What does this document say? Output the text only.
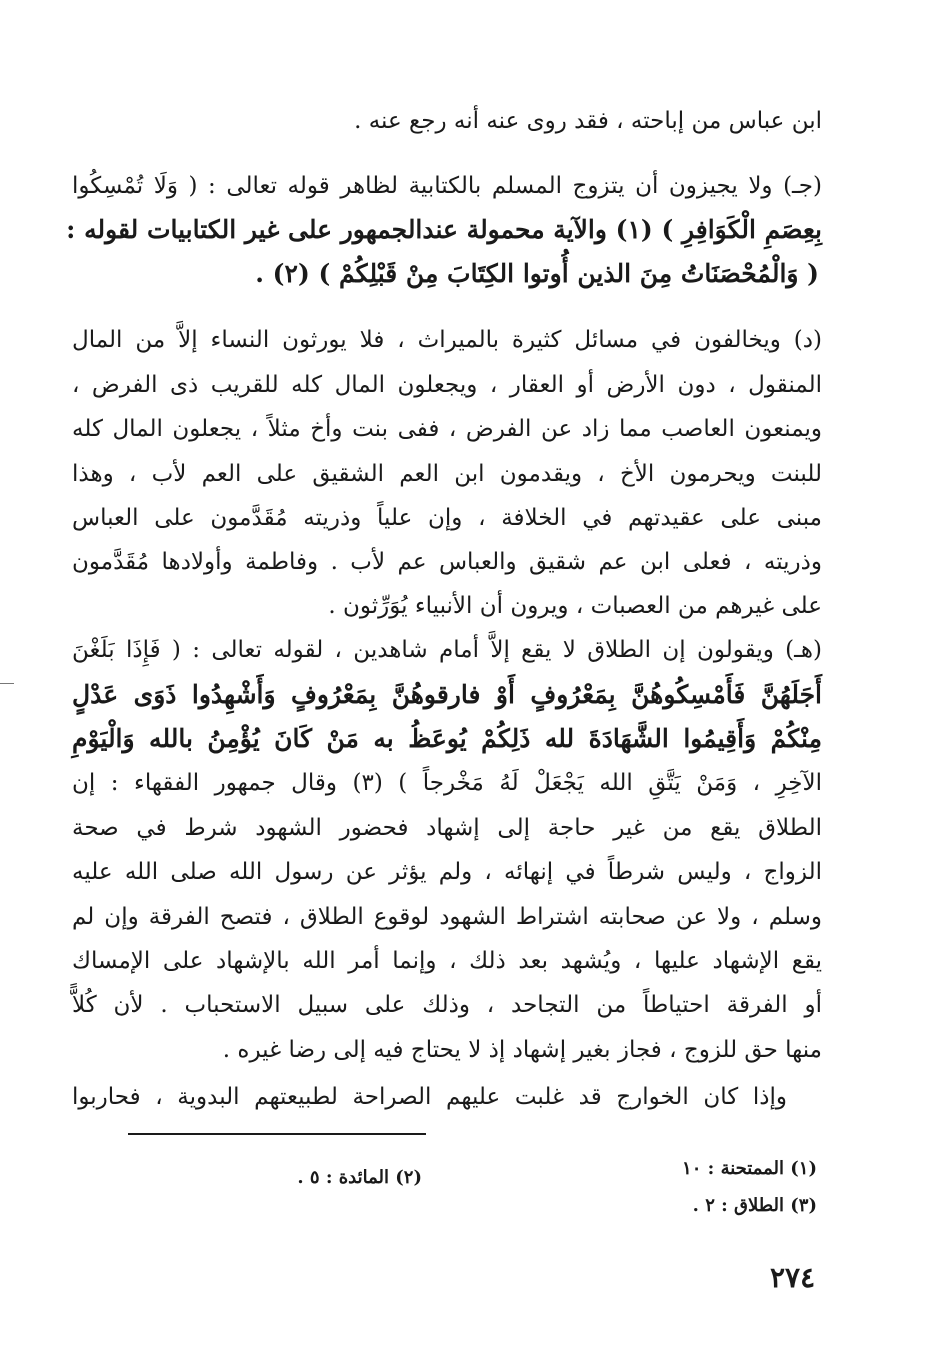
ابن عباس من إباحته ، فقد روى عنه أنه رجع عنه .

(جـ) ولا يجيزون أن يتزوج المسلم بالكتابية لظاهر قوله تعالى : ( وَلَا تُمْسِكُوا

بِعِصَمِ الْكَوَافِرِ ) (١) والآية محمولة عندالجمهور على غير الكتابيات لقوله :

( وَالْمُحْصَنَاتُ مِنَ الذين أُوتوا الكِتَابَ مِنْ قَبْلِكُمْ ) (٢) .

(د) ويخالفون في مسائل كثيرة بالميراث ، فلا يورثون النساء إلاَّ من المال

المنقول ، دون الأرض أو العقار ، ويجعلون المال كله للقريب ذى الفرض ،

ويمنعون العاصب مما زاد عن الفرض ، ففى بنت وأخ مثلاً ، يجعلون المال كله

للبنت ويحرمون الأخ ، ويقدمون ابن العم الشقيق على العم لأب ، وهذا

مبنى على عقيدتهم في الخلافة ، وإن علياً وذريته مُقَدَّمون على العباس

وذريته ، فعلى ابن عم شقيق والعباس عم لأب . وفاطمة وأولادها مُقَدَّمون

على غيرهم من العصبات ، ويرون أن الأنبياء يُوَرِّثون .

(هـ) ويقولون إن الطلاق لا يقع إلاَّ أمام شاهدين ، لقوله تعالى : ( فَإِذَا بَلَغْنَ

أَجَلَهُنَّ فَأَمْسِكُوهُنَّ بِمَعْرُوفٍ أَوْ فارقوهُنَّ بِمَعْرُوفٍ وَأَشْهِدُوا ذَوَى عَدْلٍ

مِنْكُمْ وَأَقِيمُوا الشَّهَادَةَ لله ذَلِكُمْ يُوعَظُ به مَنْ كَانَ يُؤْمِنُ بالله وَالْيَوْمِ

الآخِرِ ، وَمَنْ يَتَّقِ الله يَجْعَلْ لَهُ مَخْرجاً ) (٣) وقال جمهور الفقهاء : إن

الطلاق يقع من غير حاجة إلى إشهاد فحضور الشهود شرط في صحة

الزواج ، وليس شرطاً في إنهائه ، ولم يؤثر عن رسول الله صلى الله عليه

وسلم ، ولا عن صحابته اشتراط الشهود لوقوع الطلاق ، فتصح الفرقة وإن لم

يقع الإشهاد عليها ، ويُشهد بعد ذلك ، وإنما أمر الله بالإشهاد على الإمساك

أو الفرقة احتياطاً من التجاحد ، وذلك على سبيل الاستحباب . لأن كُلاًّ

منها حق للزوج ، فجاز بغير إشهاد إذ لا يحتاج فيه إلى رضا غيره .

وإذا كان الخوارج قد غلبت عليهم الصراحة لطبيعتهم البدوية ، فحاربوا

(١) الممتحنة : ١٠
(٢) المائدة : ٥ .
(٣) الطلاق : ٢ .
٢٧٤
